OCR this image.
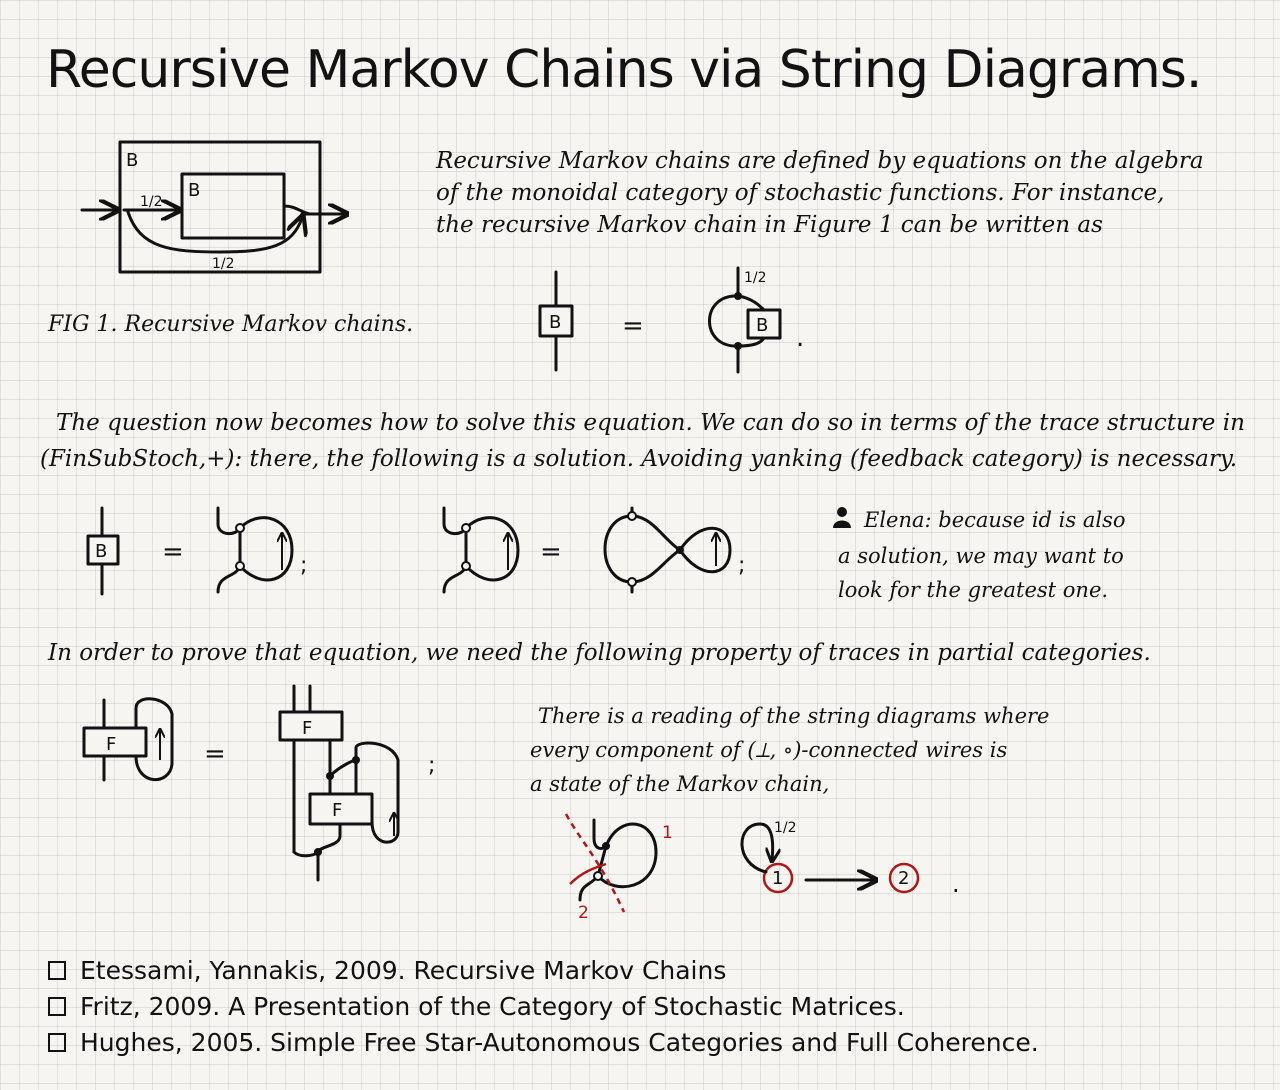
Recursive Markov Chains via String Diagrams.
Recursive Markov chains are defined by equations on the algebra
of the monoidal category of stochastic functions. For instance,
the recursive Markov chain in Figure 1 can be written as
FIG 1. Recursive Markov chains.
The question now becomes how to solve this equation. We can do so in terms of the trace structure in
(FinSubStoch,+): there, the following is a solution. Avoiding yanking (feedback category) is necessary.
Elena: because id is also
a solution, we may want to
look for the greatest one.
In order to prove that equation, we need the following property of traces in partial categories.
There is a reading of the string diagrams where
every component of (⟂, ∘)-connected wires is
a state of the Markov chain,
Etessami, Yannakis, 2009. Recursive Markov Chains
Fritz, 2009. A Presentation of the Category of Stochastic Matrices.
Hughes, 2005. Simple Free Star-Autonomous Categories and Full Coherence.
B
B
1/2
1/2
B =
1/2
B .
B =	;	=	;
F	=
F
F
;
1
2
1	2
1/2
.
